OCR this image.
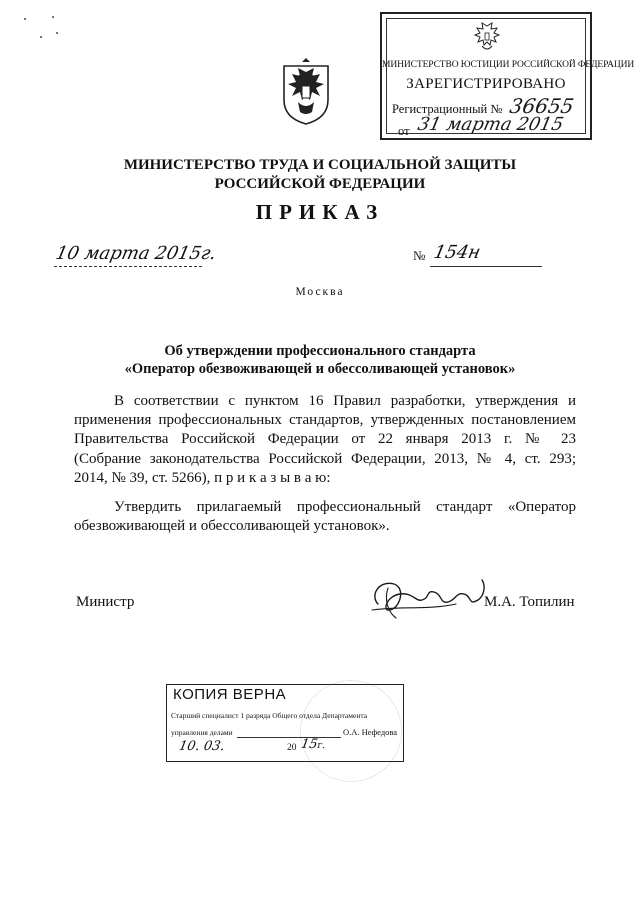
МИНИСТЕРСТВО ЮСТИЦИИ РОССИЙСКОЙ ФЕДЕРАЦИИ
ЗАРЕГИСТРИРОВАНО
Регистрационный № 36655
от 31 марта 2015
МИНИСТЕРСТВО ТРУДА И СОЦИАЛЬНОЙ ЗАЩИТЫ
РОССИЙСКОЙ ФЕДЕРАЦИИ
ПРИКАЗ
10 марта 2015г.	№ 154н
Москва
Об утверждении профессионального стандарта
«Оператор обезвоживающей и обессоливающей установок»
В соответствии с пунктом 16 Правил разработки, утверждения и
применения профессиональных стандартов, утвержденных постановлением
Правительства Российской Федерации от 22 января 2013 г. № 23
(Собрание законодательства Российской Федерации, 2013, № 4, ст. 293;
2014, № 39, ст. 5266), п р и к а з ы в а ю:
Утвердить прилагаемый профессиональный стандарт «Оператор
обезвоживающей и обессоливающей установок».
Министр	М.А. Топилин
КОПИЯ ВЕРНА
Старший специалист 1 разряда Общего отдела Департамента
управления делами	О.А. Нефедова
10. 03.	20 15г.
